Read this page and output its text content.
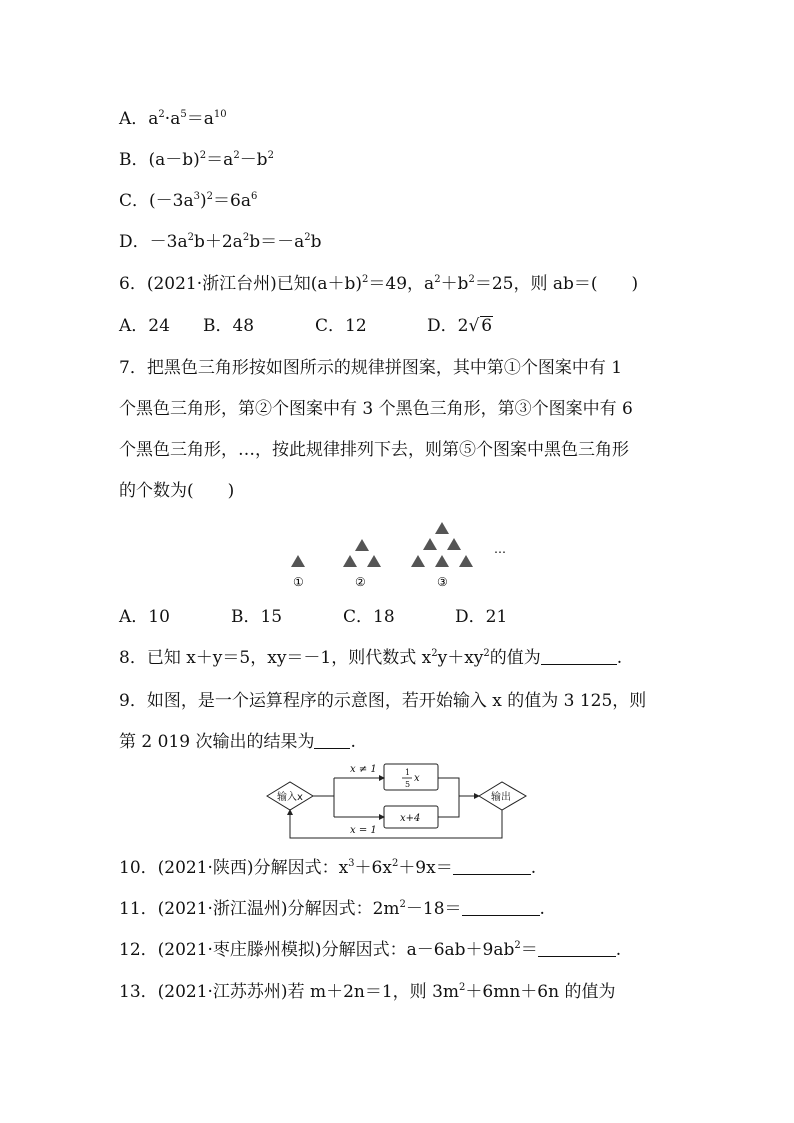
A．$a^2\cdot a^5=a^{10}$
B．$(a-b)^2=a^2-b^2$
C．$(-3a^3)^2=6a^6$
D．$-3a^2b+2a^2b=-a^2b$
6．(2021·浙江台州)已知$(a+b)^2=49$，$a^2+b^2=25$，则 ab＝(　　)
A．24 B．48	C．12	D．2√ 6
7．把黑色三角形按如图所示的规律拼图案，其中第①个图案中有 1
个黑色三角形，第②个图案中有 3 个黑色三角形，第③个图案中有 6
个黑色三角形，…，按此规律排列下去，则第⑤个图案中黑色三角形
的个数为(　　)
①	②	③
…
A．10	B．15	C．18	D．21
8．已知 x＋y＝5，xy＝－1，则代数式 $x^2y+xy^2$的值为	.
9．如图，是一个运算程序的示意图，若开始输入 x 的值为 3 125，则
第 2 019 次输出的结果为 .
输入x
x ≠ 1
x = 1
1
5
x
x+4
输出
10．(2021·陕西)分解因式：$x^3+6x^2+9x=$	.
11．(2021·浙江温州)分解因式：$2m^2-18=$	.
12．(2021·枣庄滕州模拟)分解因式：$a-6ab+9ab^2=$	.
13．(2021·江苏苏州)若 m＋2n＝1，则 $3m^2+6mn+6n$ 的值为
